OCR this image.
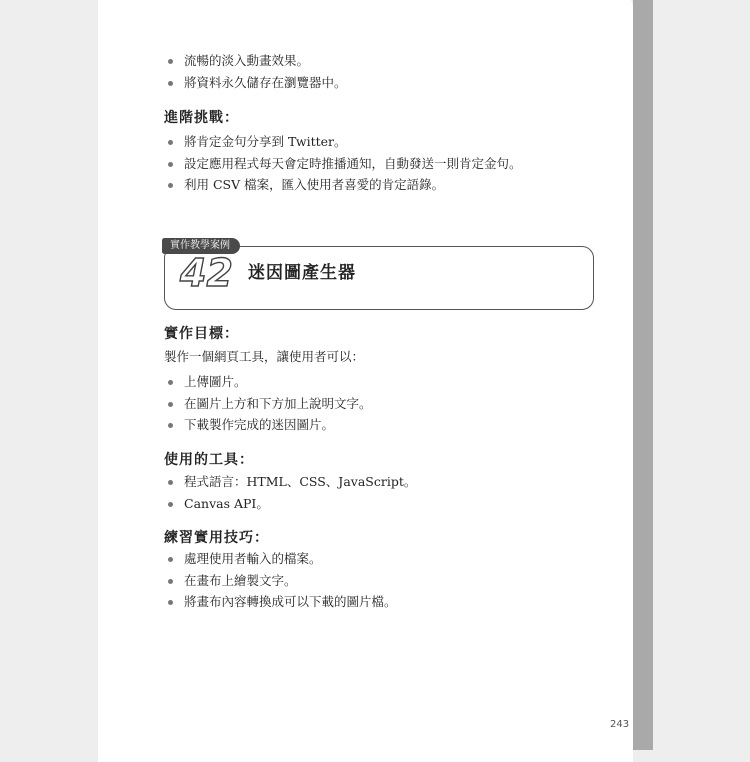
流暢的淡入動畫效果。
將資料永久儲存在瀏覽器中。
進階挑戰：
將肯定金句分享到 Twitter。
設定應用程式每天會定時推播通知，自動發送一則肯定金句。
利用 CSV 檔案，匯入使用者喜愛的肯定語錄。
實作教學案例
42 迷因圖產生器
實作目標：
製作一個網頁工具，讓使用者可以：
上傳圖片。
在圖片上方和下方加上說明文字。
下載製作完成的迷因圖片。
使用的工具：
程式語言：HTML、CSS、JavaScript。
Canvas API。
練習實用技巧：
處理使用者輸入的檔案。
在畫布上繪製文字。
將畫布內容轉換成可以下載的圖片檔。
243
